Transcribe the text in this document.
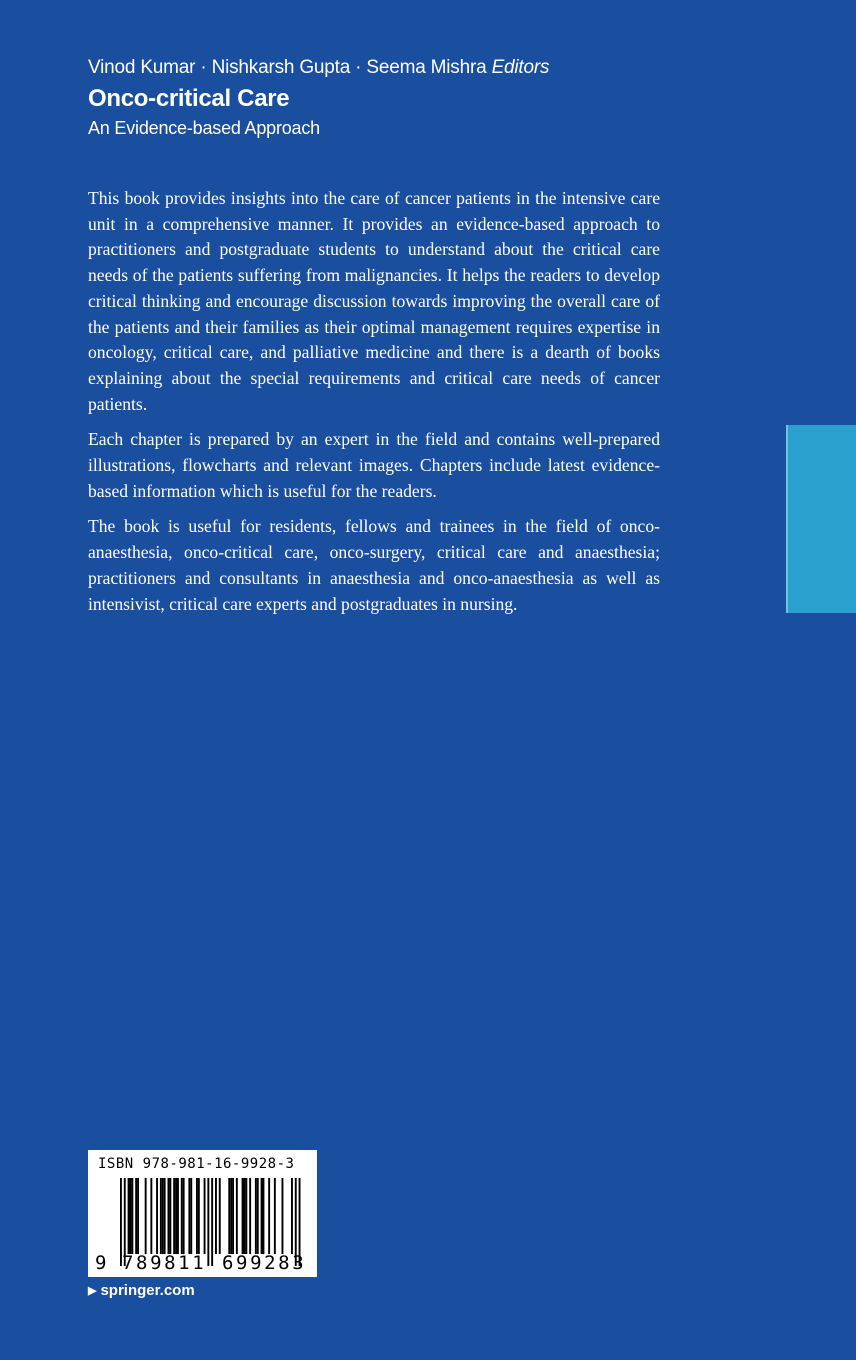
Vinod Kumar · Nishkarsh Gupta · Seema Mishra Editors
Onco-critical Care
An Evidence-based Approach

This book provides insights into the care of cancer patients in the intensive care unit in a comprehensive manner. It provides an evidence-based approach to practitioners and postgraduate students to understand about the critical care needs of the patients suffering from malignancies. It helps the readers to develop critical thinking and encourage discussion towards improving the overall care of the patients and their families as their optimal management requires expertise in oncology, critical care, and palliative medicine and there is a dearth of books explaining about the special requirements and critical care needs of cancer patients.

Each chapter is prepared by an expert in the field and contains well-prepared illustrations, flowcharts and relevant images. Chapters include latest evidence-based information which is useful for the readers.

The book is useful for residents, fellows and trainees in the field of onco-anaesthesia, onco-critical care, onco-surgery, critical care and anaesthesia; practitioners and consultants in anaesthesia and onco-anaesthesia as well as intensivist, critical care experts and postgraduates in nursing.

ISBN 978-981-16-9928-3
9 789811 699283
▶ springer.com
